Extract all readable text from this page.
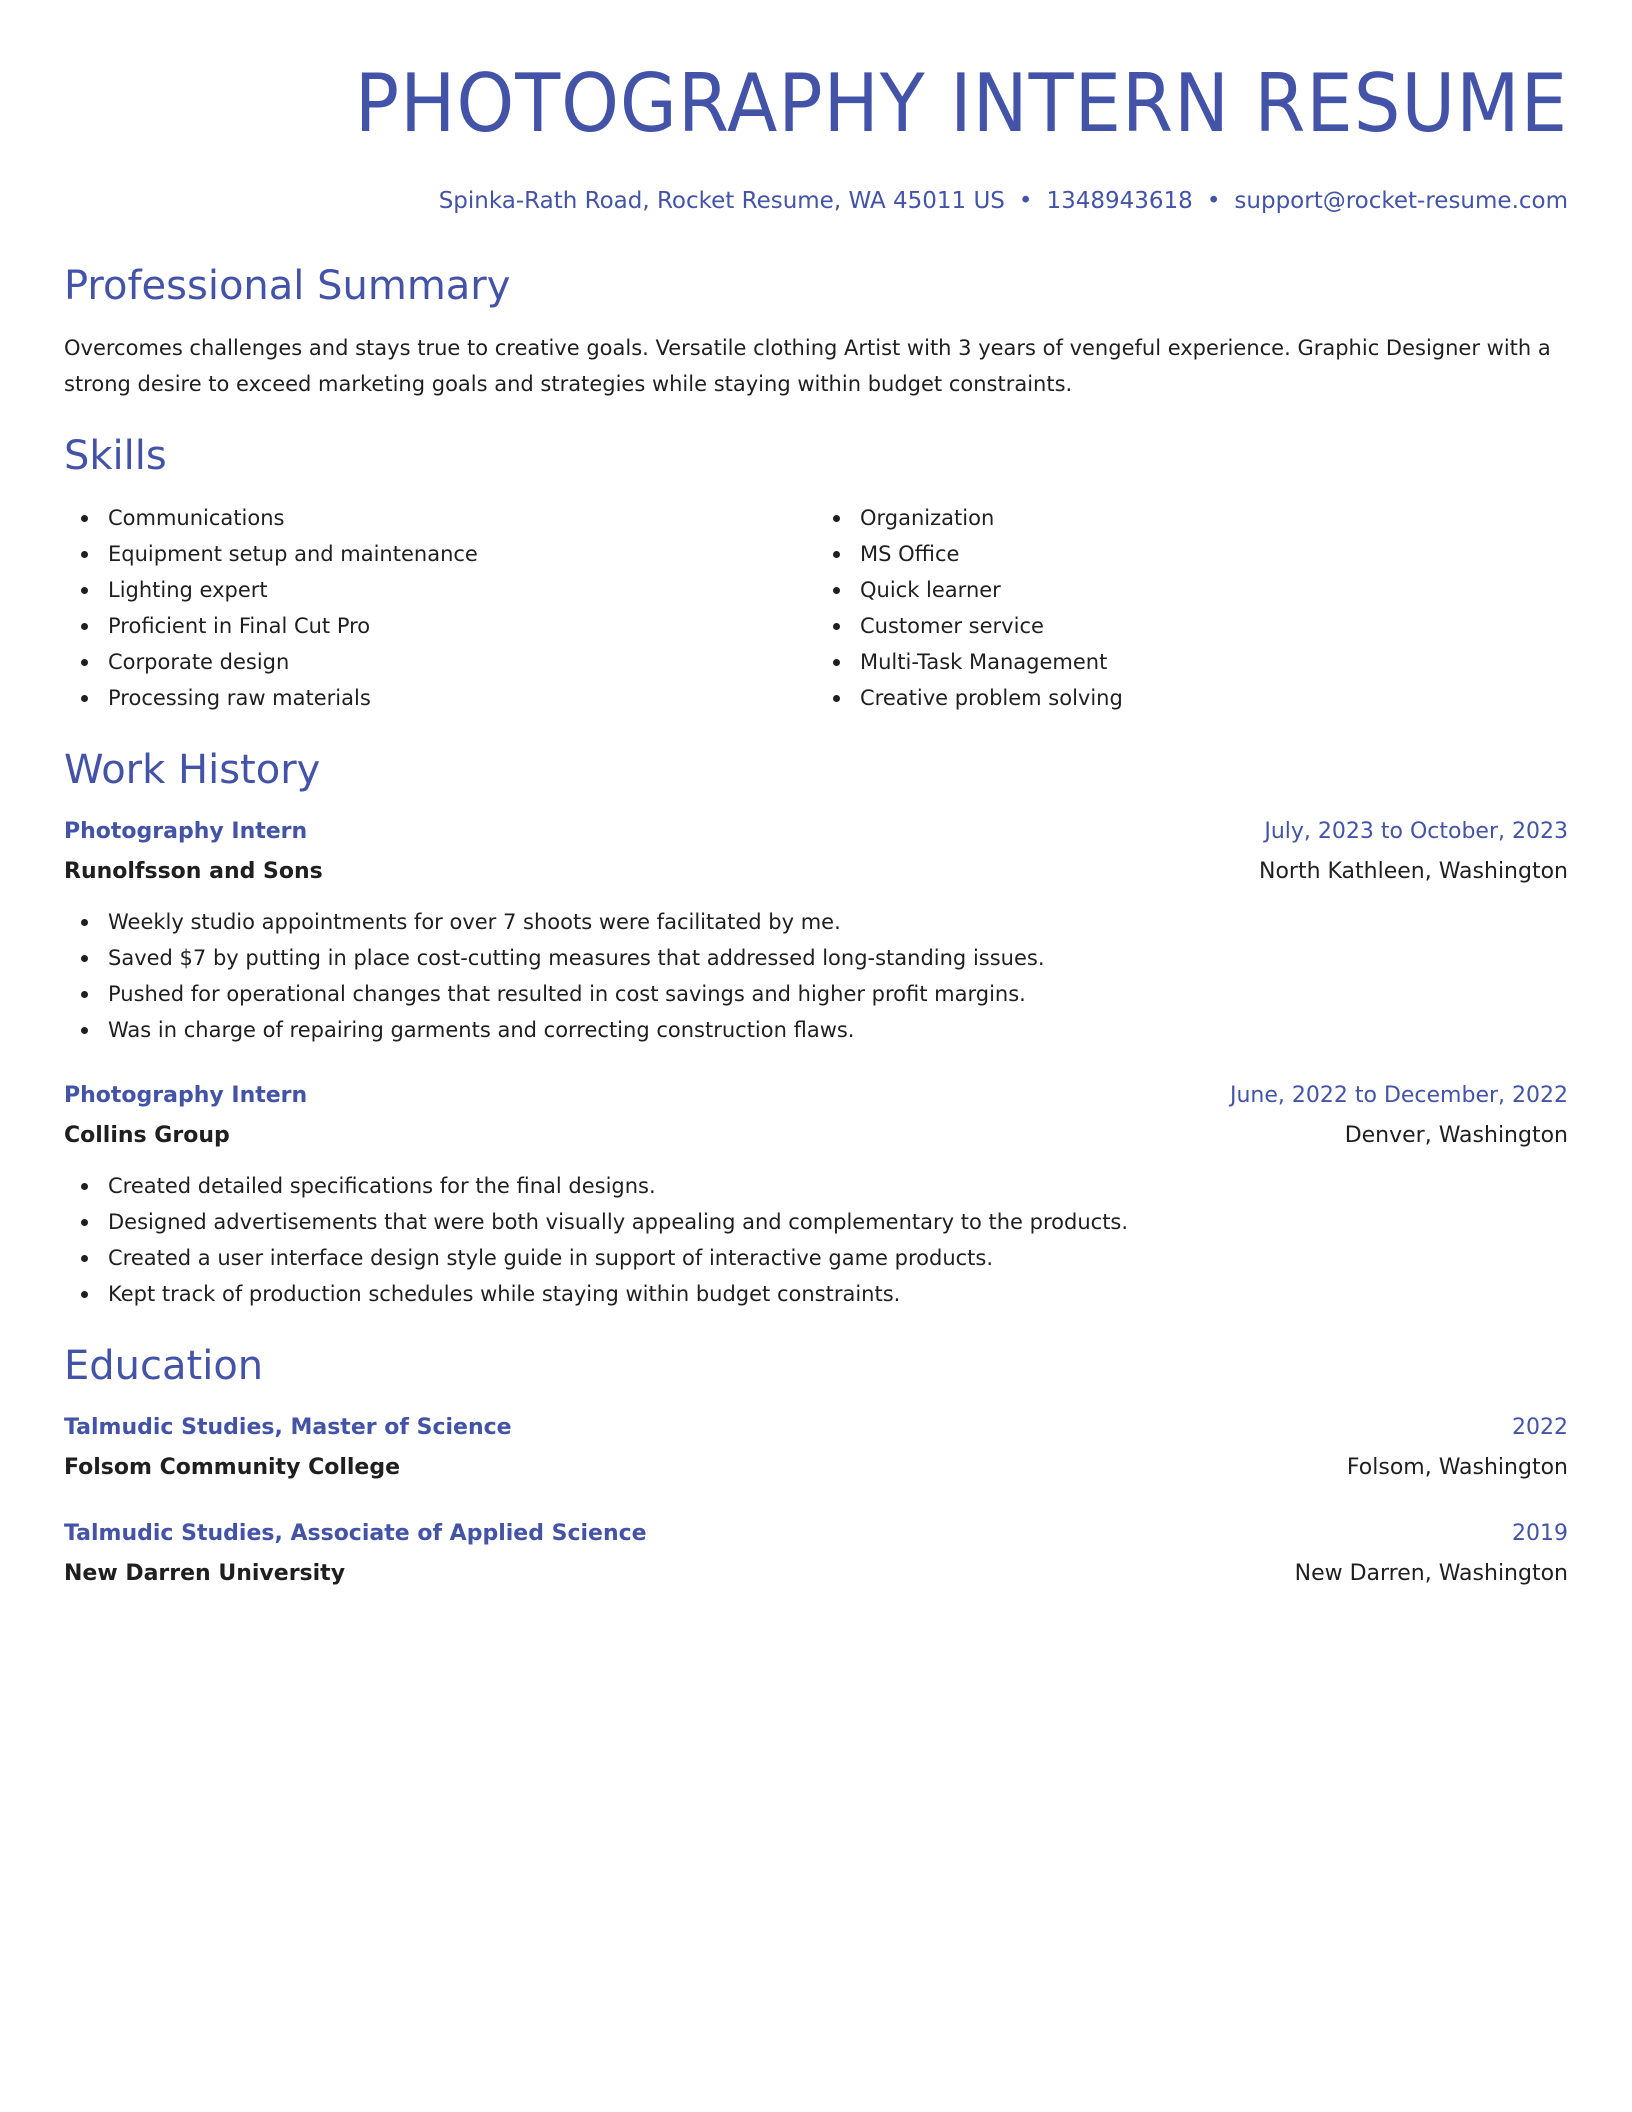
PHOTOGRAPHY INTERN RESUME
Spinka-Rath Road, Rocket Resume, WA 45011 US • 1348943618 • support@rocket-resume.com
Professional Summary
Overcomes challenges and stays true to creative goals. Versatile clothing Artist with 3 years of vengeful experience. Graphic Designer with a strong desire to exceed marketing goals and strategies while staying within budget constraints.
Skills
Communications
Equipment setup and maintenance
Lighting expert
Proficient in Final Cut Pro
Corporate design
Processing raw materials
Organization
MS Office
Quick learner
Customer service
Multi-Task Management
Creative problem solving
Work History
Photography Intern	July, 2023 to October, 2023
Runolfsson and Sons	North Kathleen, Washington
Weekly studio appointments for over 7 shoots were facilitated by me.
Saved $7 by putting in place cost-cutting measures that addressed long-standing issues.
Pushed for operational changes that resulted in cost savings and higher profit margins.
Was in charge of repairing garments and correcting construction flaws.
Photography Intern	June, 2022 to December, 2022
Collins Group	Denver, Washington
Created detailed specifications for the final designs.
Designed advertisements that were both visually appealing and complementary to the products.
Created a user interface design style guide in support of interactive game products.
Kept track of production schedules while staying within budget constraints.
Education
Talmudic Studies, Master of Science	2022
Folsom Community College	Folsom, Washington
Talmudic Studies, Associate of Applied Science	2019
New Darren University	New Darren, Washington
